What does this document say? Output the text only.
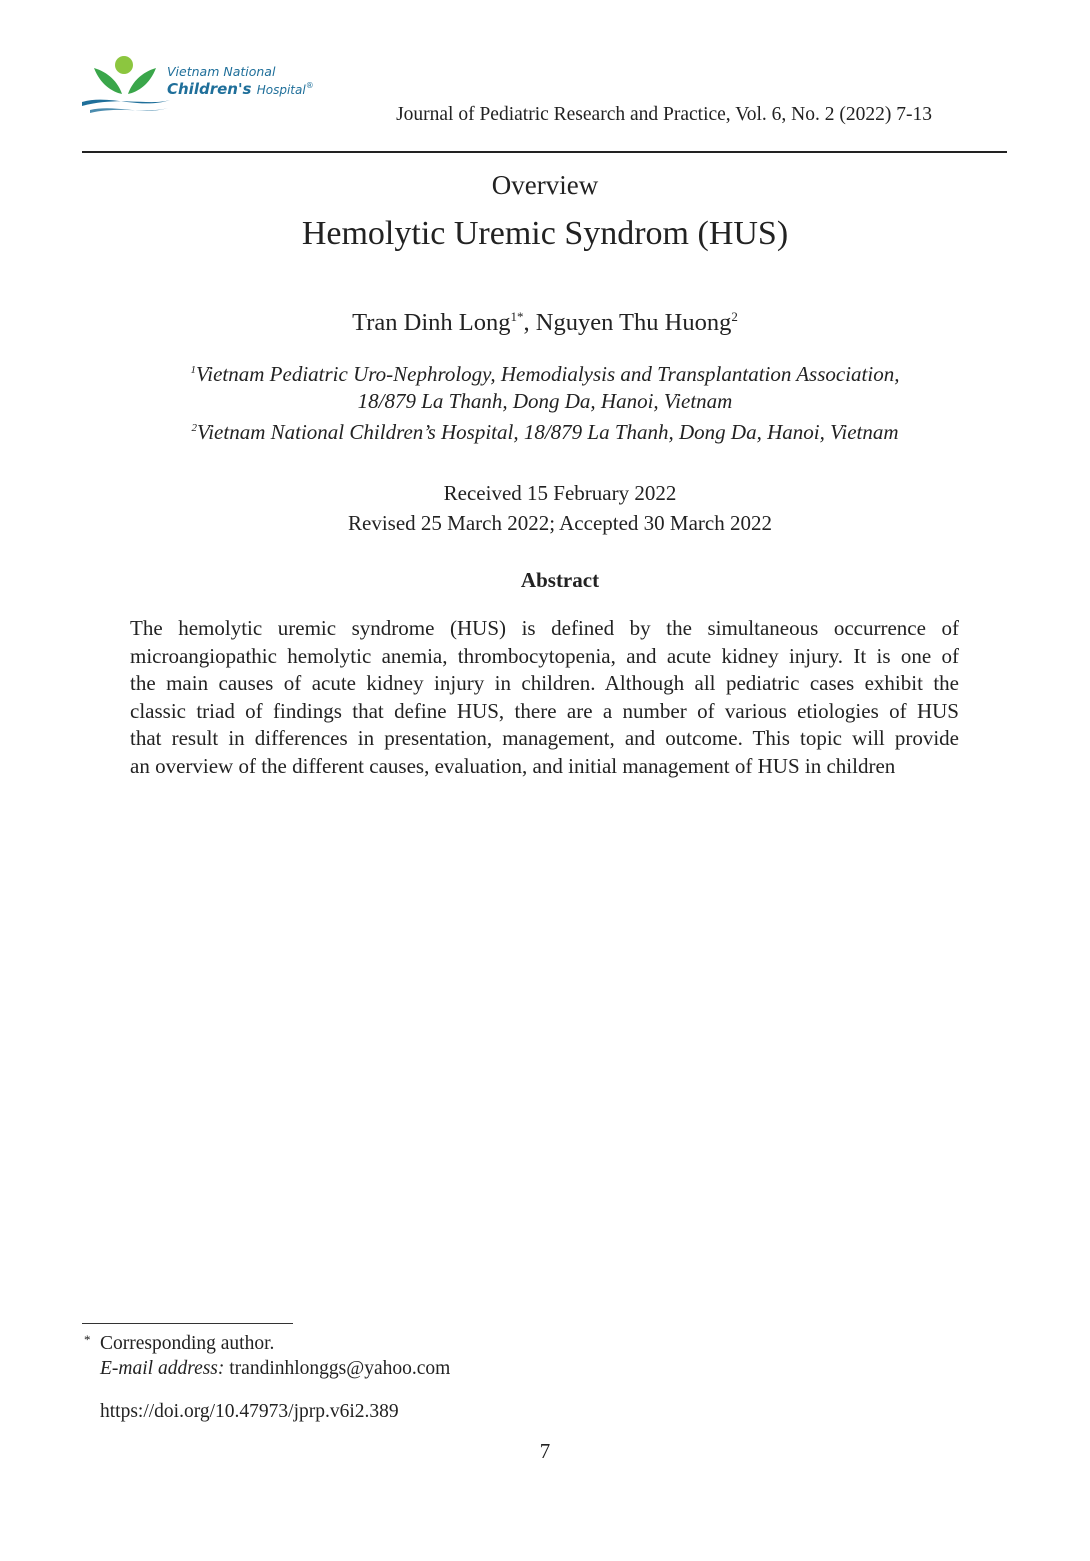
Vietnam National
Children's Hospital®
Journal of Pediatric Research and Practice, Vol. 6, No. 2 (2022) 7-13
Overview
Hemolytic Uremic Syndrom (HUS)
Tran Dinh Long$^{1*}$, Nguyen Thu Huong$^2$
$^1$Vietnam Pediatric Uro-Nephrology, Hemodialysis and Transplantation Association,
18/879 La Thanh, Dong Da, Hanoi, Vietnam
$^2$Vietnam National Children’s Hospital, 18/879 La Thanh, Dong Da, Hanoi, Vietnam
Received 15 February 2022
Revised 25 March 2022; Accepted 30 March 2022
Abstract
The hemolytic uremic syndrome (HUS) is defined by the simultaneous occurrence of
microangiopathic hemolytic anemia, thrombocytopenia, and acute kidney injury. It is one of
the main causes of acute kidney injury in children. Although all pediatric cases exhibit the
classic triad of findings that define HUS, there are a number of various etiologies of HUS
that result in differences in presentation, management, and outcome. This topic will provide
an overview of the different causes, evaluation, and initial management of HUS in children
* Corresponding author.
E-mail address: trandinhlonggs@yahoo.com
https://doi.org/10.47973/jprp.v6i2.389
7
